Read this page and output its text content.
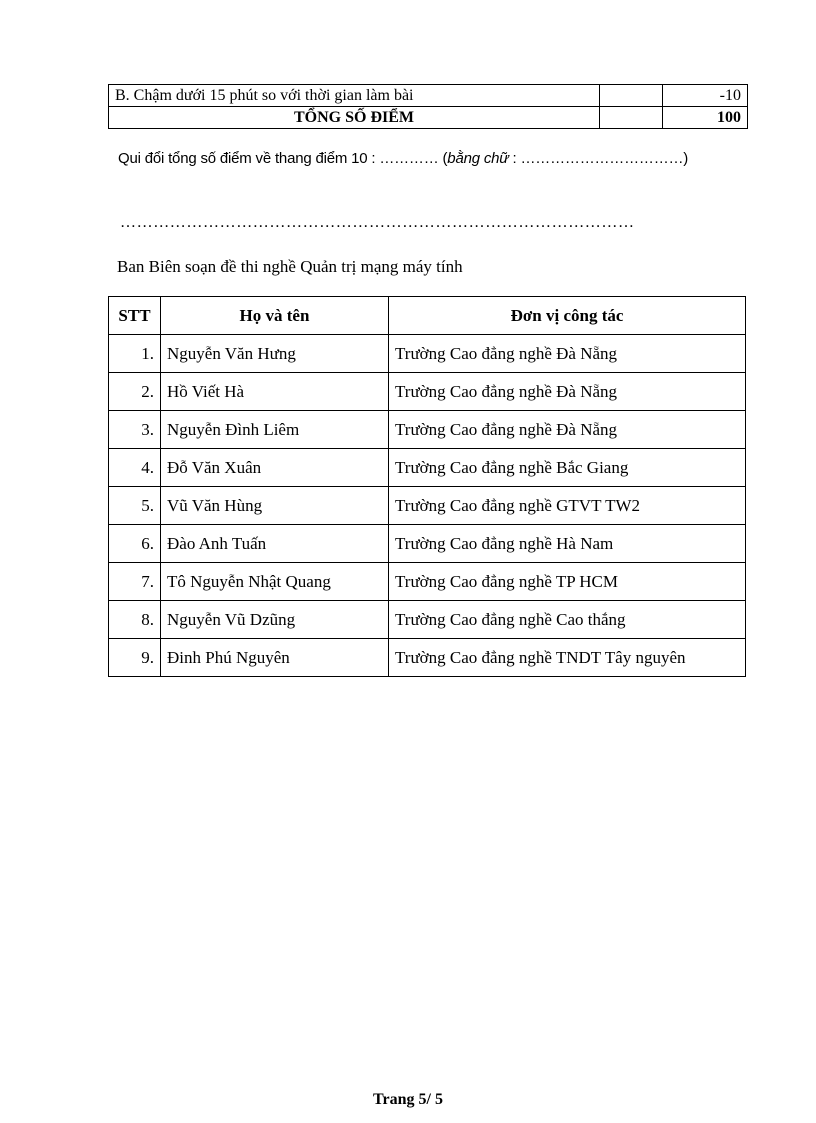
B. Chậm dưới 15 phút so với thời gian làm bài		-10
TỔNG SỐ ĐIỂM		100
Qui đổi tổng số điểm về thang điểm 10 : ………… (bằng chữ : ……………………………)
…………………………………………………………………………………
Ban Biên soạn đề thi nghề Quản trị mạng máy tính
STT	Họ và tên	Đơn vị công tác
1.	Nguyễn Văn Hưng	Trường Cao đẳng nghề Đà Nẵng
2.	Hồ Viết Hà	Trường Cao đẳng nghề Đà Nẵng
3.	Nguyễn Đình Liêm	Trường Cao đẳng nghề Đà Nẵng
4.	Đỗ Văn Xuân	Trường Cao đẳng nghề Bắc Giang
5.	Vũ Văn Hùng	Trường Cao đẳng nghề GTVT TW2
6.	Đào Anh Tuấn	Trường Cao đẳng nghề Hà Nam
7.	Tô Nguyễn Nhật Quang	Trường Cao đẳng nghề TP HCM
8.	Nguyễn Vũ Dzũng	Trường Cao đẳng nghề Cao thắng
9.	Đinh Phú Nguyên	Trường Cao đẳng nghề TNDT Tây nguyên
Trang 5/ 5
